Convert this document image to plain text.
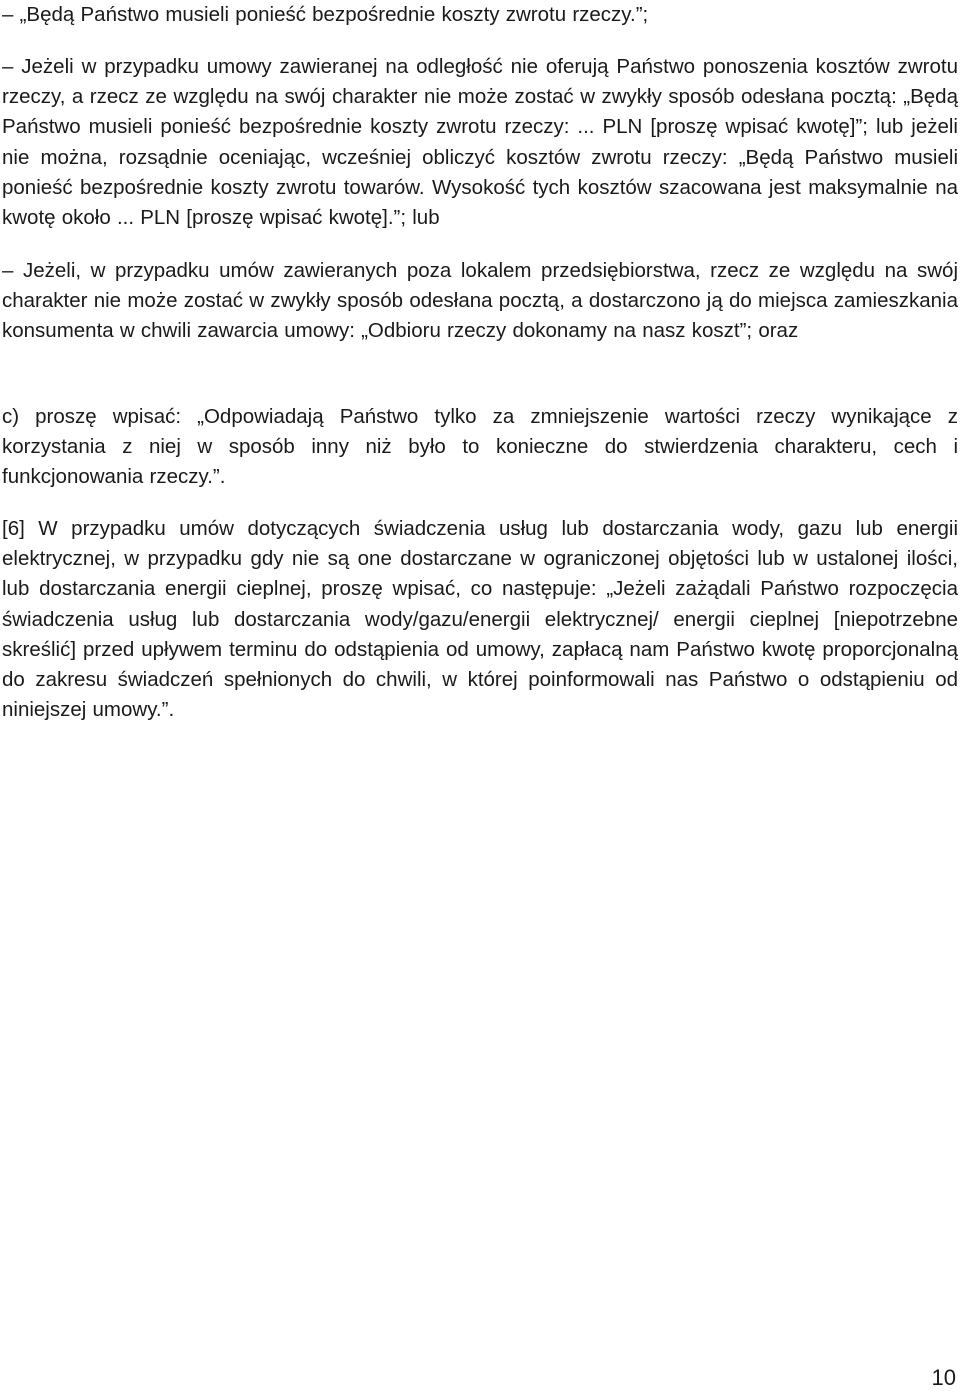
– „Będą Państwo musieli ponieść bezpośrednie koszty zwrotu rzeczy.”;

– Jeżeli w przypadku umowy zawieranej na odległość nie oferują Państwo ponoszenia kosztów zwrotu rzeczy, a rzecz ze względu na swój charakter nie może zostać w zwykły sposób odesłana pocztą: „Będą Państwo musieli ponieść bezpośrednie koszty zwrotu rzeczy: ... PLN [proszę wpisać kwotę]”; lub jeżeli nie można, rozsądnie oceniając, wcześniej obliczyć kosztów zwrotu rzeczy: „Będą Państwo musieli ponieść bezpośrednie koszty zwrotu towarów. Wysokość tych kosztów szacowana jest maksymalnie na kwotę około ... PLN [proszę wpisać kwotę].”; lub

– Jeżeli, w przypadku umów zawieranych poza lokalem przedsiębiorstwa, rzecz ze względu na swój charakter nie może zostać w zwykły sposób odesłana pocztą, a dostarczono ją do miejsca zamieszkania konsumenta w chwili zawarcia umowy: „Odbioru rzeczy dokonamy na nasz koszt”; oraz

c) proszę wpisać: „Odpowiadają Państwo tylko za zmniejszenie wartości rzeczy wynikające z korzystania z niej w sposób inny niż było to konieczne do stwierdzenia charakteru, cech i funkcjonowania rzeczy.”.

[6] W przypadku umów dotyczących świadczenia usług lub dostarczania wody, gazu lub energii elektrycznej, w przypadku gdy nie są one dostarczane w ograniczonej objętości lub w ustalonej ilości, lub dostarczania energii cieplnej, proszę wpisać, co następuje: „Jeżeli zażądali Państwo rozpoczęcia świadczenia usług lub dostarczania wody/gazu/energii elektrycznej/ energii cieplnej [niepotrzebne skreślić] przed upływem terminu do odstąpienia od umowy, zapłacą nam Państwo kwotę proporcjonalną do zakresu świadczeń spełnionych do chwili, w której poinformowali nas Państwo o odstąpieniu od niniejszej umowy.”.

10
